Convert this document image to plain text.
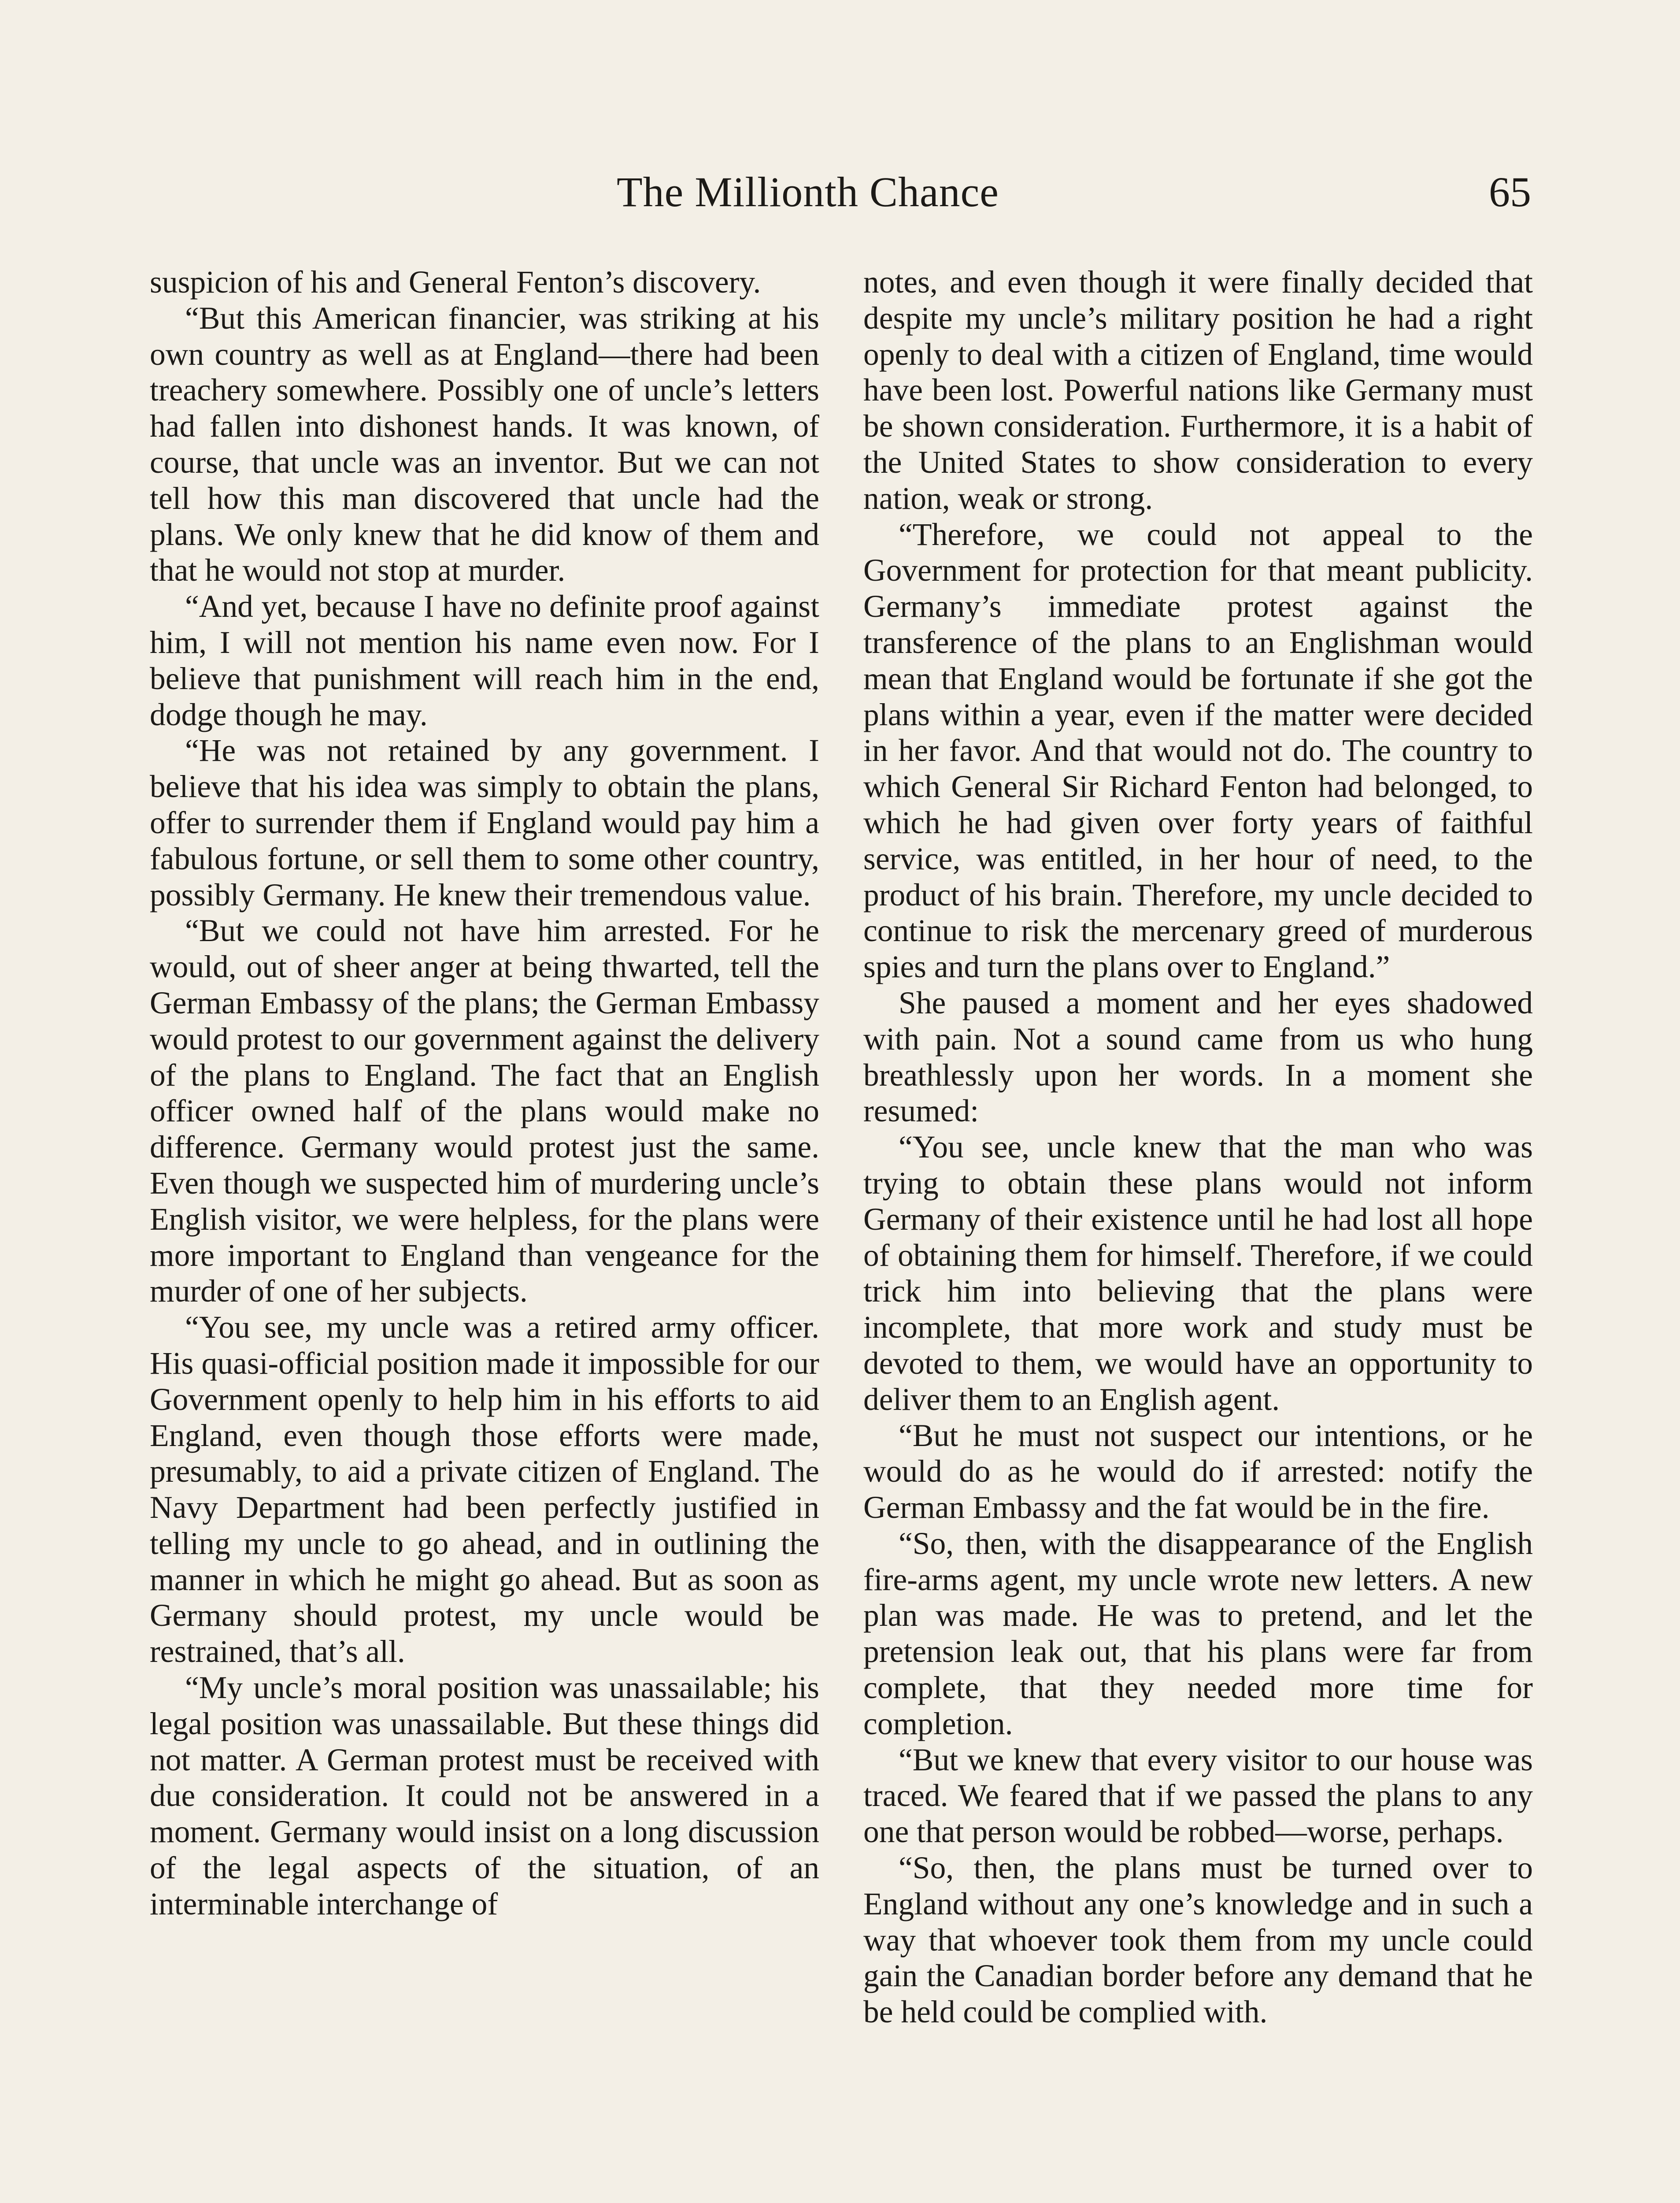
The Millionth Chance	65

suspicion of his and General Fenton’s discovery.

“But this American financier, was striking at his own country as well as at England—there had been treachery somewhere. Possibly one of uncle’s letters had fallen into dishonest hands. It was known, of course, that uncle was an inventor. But we can not tell how this man discovered that uncle had the plans. We only knew that he did know of them and that he would not stop at murder.

“And yet, because I have no definite proof against him, I will not mention his name even now. For I believe that punishment will reach him in the end, dodge though he may.

“He was not retained by any government. I believe that his idea was simply to obtain the plans, offer to surrender them if England would pay him a fabulous fortune, or sell them to some other country, possibly Germany. He knew their tremendous value.

“But we could not have him arrested. For he would, out of sheer anger at being thwarted, tell the German Embassy of the plans; the German Embassy would protest to our government against the delivery of the plans to England. The fact that an English officer owned half of the plans would make no difference. Germany would protest just the same. Even though we suspected him of murdering uncle’s English visitor, we were helpless, for the plans were more important to England than vengeance for the murder of one of her subjects.

“You see, my uncle was a retired army officer. His quasi-official position made it impossible for our Government openly to help him in his efforts to aid England, even though those efforts were made, presumably, to aid a private citizen of England. The Navy Department had been perfectly justified in telling my uncle to go ahead, and in outlining the manner in which he might go ahead. But as soon as Germany should protest, my uncle would be restrained, that’s all.

“My uncle’s moral position was unassailable; his legal position was unassailable. But these things did not matter. A German protest must be received with due consideration. It could not be answered in a moment. Germany would insist on a long discussion of the legal aspects of the situation, of an interminable interchange of

notes, and even though it were finally decided that despite my uncle’s military position he had a right openly to deal with a citizen of England, time would have been lost. Powerful nations like Germany must be shown consideration. Furthermore, it is a habit of the United States to show consideration to every nation, weak or strong.

“Therefore, we could not appeal to the Government for protection for that meant publicity. Germany’s immediate protest against the transference of the plans to an Englishman would mean that England would be fortunate if she got the plans within a year, even if the matter were decided in her favor. And that would not do. The country to which General Sir Richard Fenton had belonged, to which he had given over forty years of faithful service, was entitled, in her hour of need, to the product of his brain. Therefore, my uncle decided to continue to risk the mercenary greed of murderous spies and turn the plans over to England.”

She paused a moment and her eyes shadowed with pain. Not a sound came from us who hung breathlessly upon her words. In a moment she resumed:

“You see, uncle knew that the man who was trying to obtain these plans would not inform Germany of their existence until he had lost all hope of obtaining them for himself. Therefore, if we could trick him into believing that the plans were incomplete, that more work and study must be devoted to them, we would have an opportunity to deliver them to an English agent.

“But he must not suspect our intentions, or he would do as he would do if arrested: notify the German Embassy and the fat would be in the fire.

“So, then, with the disappearance of the English fire-arms agent, my uncle wrote new letters. A new plan was made. He was to pretend, and let the pretension leak out, that his plans were far from complete, that they needed more time for completion.

“But we knew that every visitor to our house was traced. We feared that if we passed the plans to any one that person would be robbed—worse, perhaps.

“So, then, the plans must be turned over to England without any one’s knowledge and in such a way that whoever took them from my uncle could gain the Canadian border before any demand that he be held could be complied with.
